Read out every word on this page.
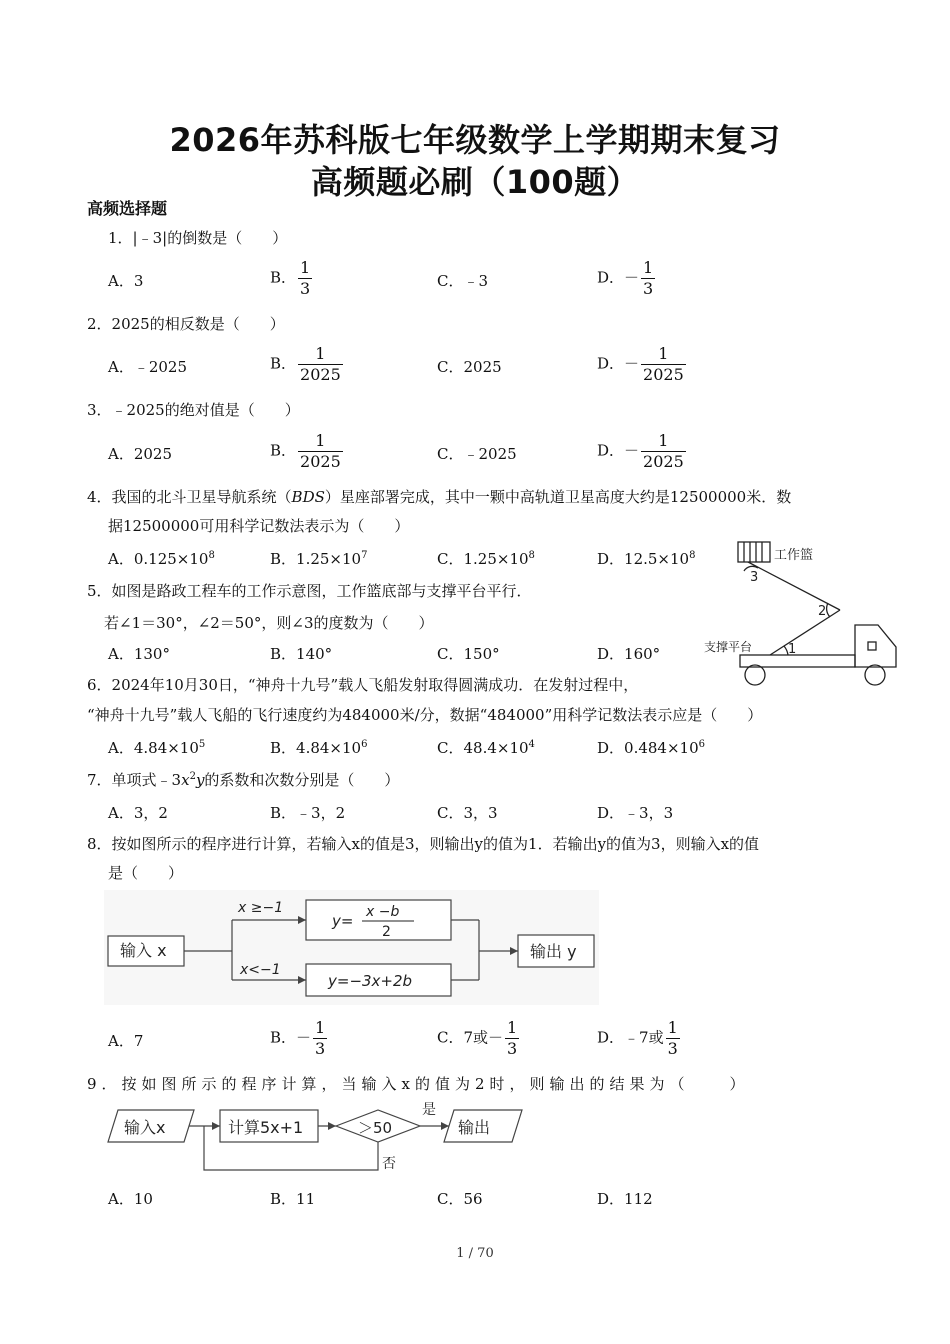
2026年苏科版七年级数学上学期期末复习
高频题必刷（100题）
高频选择题
1．|﹣3|的倒数是（　　）
A．3	B． $\frac{1}{3}$	C．﹣3	D．－ $\frac{1}{3}$
2．2025的相反数是（　　）
A．﹣2025	B． $\frac{1}{2025}$	C．2025	D．－ $\frac{1}{2025}$
3．﹣2025的绝对值是（　　）
A．2025	B． $\frac{1}{2025}$	C．﹣2025	D．－ $\frac{1}{2025}$
4．我国的北斗卫星导航系统（BDS）星座部署完成，其中一颗中高轨道卫星高度大约是12500000米．数
据12500000可用科学记数法表示为（　　）
A．$0.125\times 10^8$	B．$1.25\times 10^7$	C．$1.25\times 10^8$	D．$12.5\times 10^8$
5．如图是路政工程车的工作示意图，工作篮底部与支撑平台平行．
若∠1＝30°，∠2＝50°，则∠3的度数为（　　）
A．130°	B．140°	C．150°	D．160°
工作篮
3
2
1
支撑平台
6．2024年10月30日，“神舟十九号”载人飞船发射取得圆满成功．在发射过程中，
“神舟十九号”载人飞船的飞行速度约为484000米/分，数据“484000”用科学记数法表示应是（　　）
A．$4.84\times 10^5$	B．$4.84\times 10^6$	C．$48.4\times 10^4$	D．$0.484\times 10^6$
7．单项式$﹣3x^2y$的系数和次数分别是（　　）
A．3，2	B．﹣3，2	C．3，3	D．﹣3，3
8．按如图所示的程序进行计算，若输入x的值是3，则输出y的值为1．若输出y的值为3，则输入x的值
是（　　）
输入 x	输出 y
x ≥−1
x<−1
y= x −b
2
y=−3x+2b
A．7	B．－ $\frac{1}{3}$	C．7或－ $\frac{1}{3}$	D．﹣7或 $\frac{1}{3}$
9．按如图所示的程序计算，当输入x的值为2时，则输出的结果为（　　）
输入x	计算5x+1	＞50	输出
是
否
A．10	B．11	C．56	D．112
1 / 70
